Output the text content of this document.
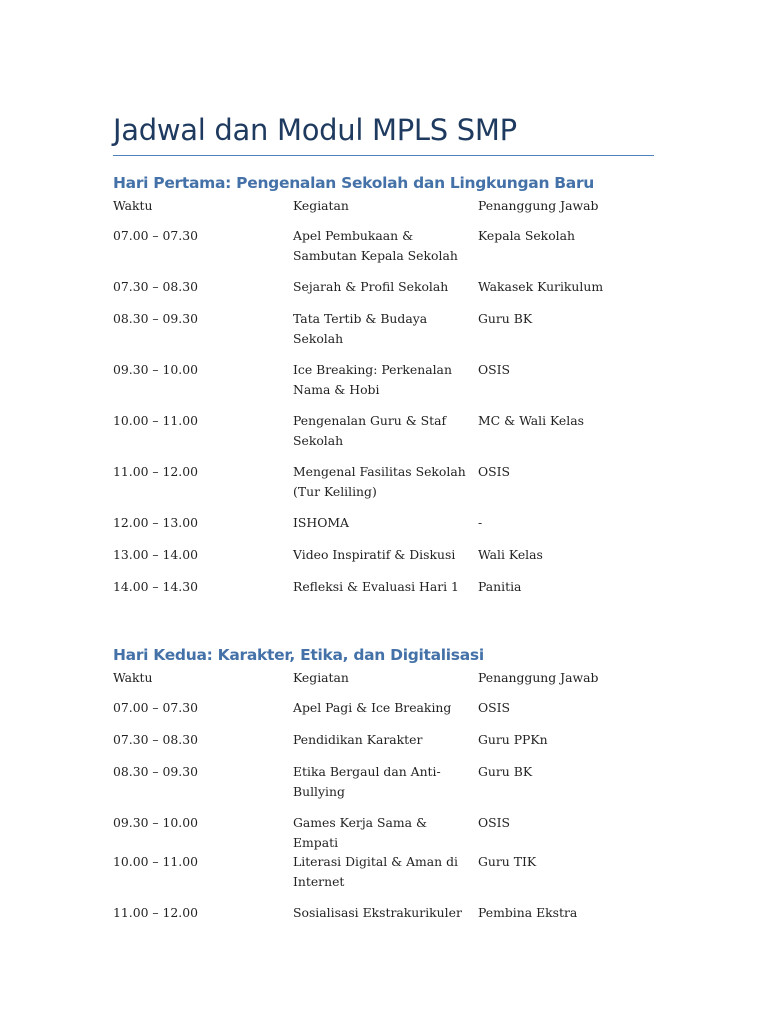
Jadwal dan Modul MPLS SMP
Hari Pertama: Pengenalan Sekolah dan Lingkungan Baru
Waktu	Kegiatan	Penanggung Jawab
07.00 – 07.30	Apel Pembukaan & Sambutan Kepala Sekolah	Kepala Sekolah
07.30 – 08.30	Sejarah & Profil Sekolah	Wakasek Kurikulum
08.30 – 09.30	Tata Tertib & Budaya Sekolah	Guru BK
09.30 – 10.00	Ice Breaking: Perkenalan Nama & Hobi	OSIS
10.00 – 11.00	Pengenalan Guru & Staf Sekolah	MC & Wali Kelas
11.00 – 12.00	Mengenal Fasilitas Sekolah (Tur Keliling)	OSIS
12.00 – 13.00	ISHOMA	-
13.00 – 14.00	Video Inspiratif & Diskusi	Wali Kelas
14.00 – 14.30	Refleksi & Evaluasi Hari 1	Panitia
Hari Kedua: Karakter, Etika, dan Digitalisasi
Waktu	Kegiatan	Penanggung Jawab
07.00 – 07.30	Apel Pagi & Ice Breaking	OSIS
07.30 – 08.30	Pendidikan Karakter	Guru PPKn
08.30 – 09.30	Etika Bergaul dan Anti-Bullying	Guru BK
09.30 – 10.00	Games Kerja Sama & Empati	OSIS
10.00 – 11.00	Literasi Digital & Aman di Internet	Guru TIK
11.00 – 12.00	Sosialisasi Ekstrakurikuler	Pembina Ekstra
